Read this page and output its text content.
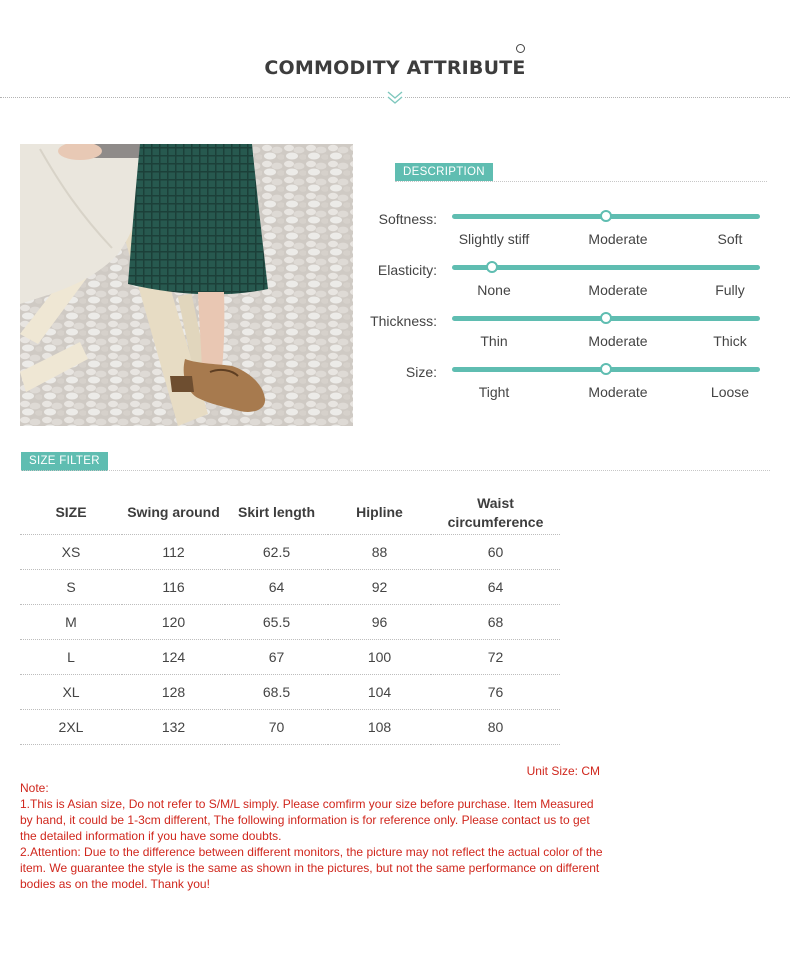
COMMODITY ATTRIBUTE
DESCRIPTION
Softness:
Slightly stiff	Moderate	Soft
Elasticity:
None	Moderate	Fully
Thickness:
Thin	Moderate	Thick
Size:
Tight	Moderate	Loose
SIZE FILTER
SIZE	Swing around	Skirt length	Hipline	Waist circumference
XS	112	62.5	88	60
S	116	64	92	64
M	120	65.5	96	68
L	124	67	100	72
XL	128	68.5	104	76
2XL	132	70	108	80
Unit Size: CM

Note:

1.This is Asian size, Do not refer to S/M/L simply. Please comfirm your size before purchase. Item Measured by hand, it could be 1-3cm different, The following information is for reference only. Please contact us to get the detailed information if you have some doubts.

2.Attention: Due to the difference between different monitors, the picture may not reflect the actual color of the item. We guarantee the style is the same as shown in the pictures, but not the same performance on different bodies as on the model. Thank you!
